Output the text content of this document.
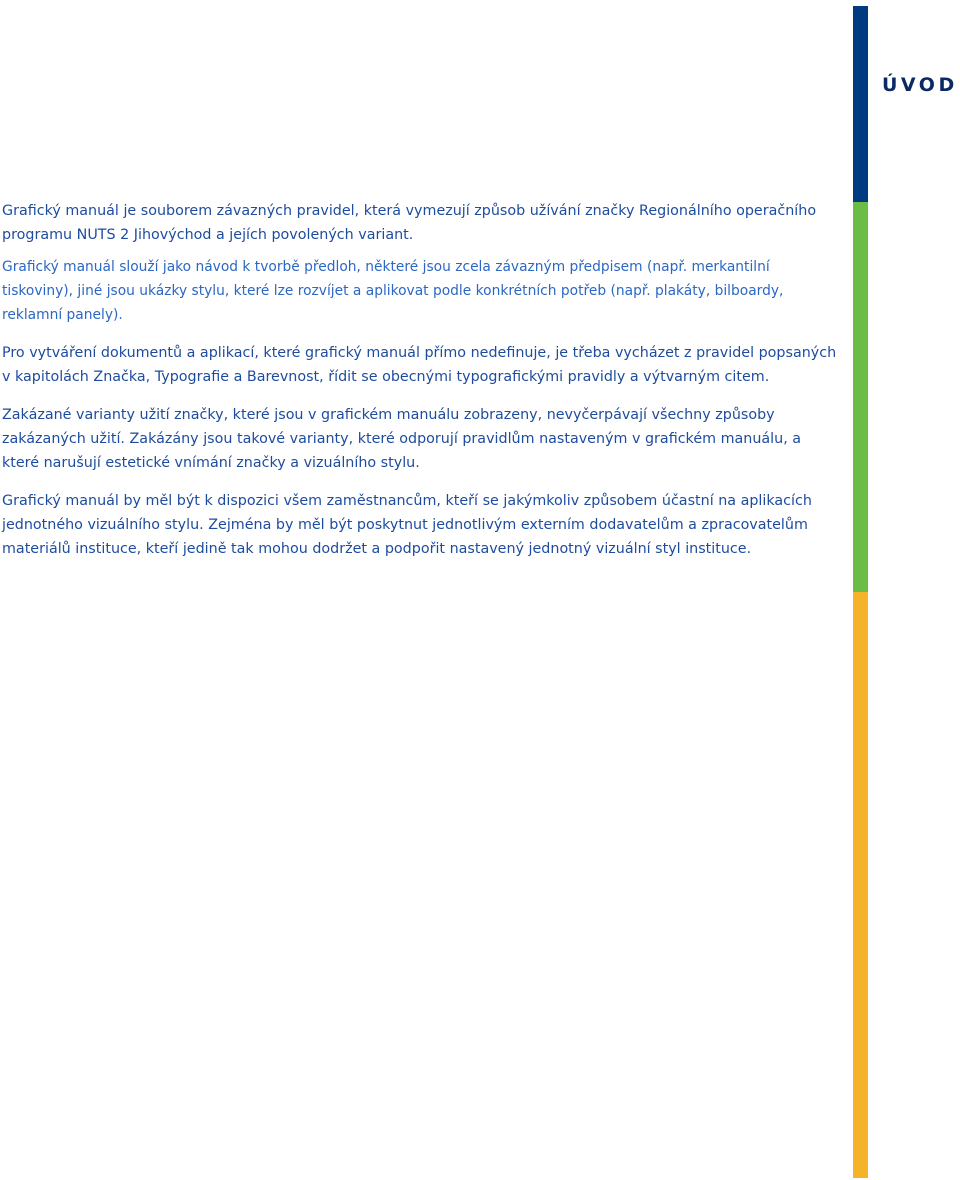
ÚVOD

Grafický manuál je souborem závazných pravidel, která vymezují způsob užívání značky Regionálního operačního programu NUTS 2 Jihovýchod a jejích povolených variant.

Grafický manuál slouží jako návod k tvorbě předloh, některé jsou zcela závazným předpisem (např. merkantilní tiskoviny), jiné jsou ukázky stylu, které lze rozvíjet a aplikovat podle konkrétních potřeb (např. plakáty, bilboardy, reklamní panely).

Pro vytváření dokumentů a aplikací, které grafický manuál přímo nedefinuje, je třeba vycházet z pravidel popsaných v kapitolách Značka, Typografie a Barevnost, řídit se obecnými typografickými pravidly a výtvarným citem.

Zakázané varianty užití značky, které jsou v grafickém manuálu zobrazeny, nevyčerpávají všechny způsoby zakázaných užití. Zakázány jsou takové varianty, které odporují pravidlům nastaveným v grafickém manuálu, a které narušují estetické vnímání značky a vizuálního stylu.

Grafický manuál by měl být k dispozici všem zaměstnancům, kteří se jakýmkoliv způsobem účastní na aplikacích jednotného vizuálního stylu. Zejména by měl být poskytnut jednotlivým externím dodavatelům a zpracovatelům materiálů instituce, kteří jedině tak mohou dodržet a podpořit nastavený jednotný vizuální styl instituce.
